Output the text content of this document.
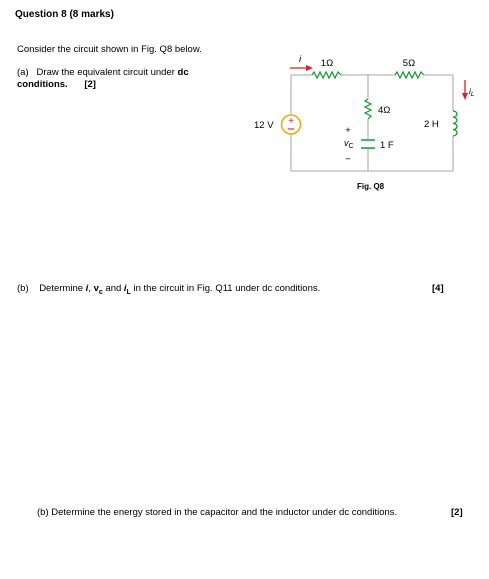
Question 8 (8 marks)
Consider the circuit shown in Fig. Q8 below.
(a) Draw the equivalent circuit under dc
conditions. [2]
+
i 1Ω	5Ω
4Ω
2 H
1 F
12 V	+
$v_C$
−
$i_L$
Fig. Q8
(b) Determine i, $v_c$ and $i_L$ in the circuit in Fig. Q11 under dc conditions.	[4]
(b) Determine the energy stored in the capacitor and the inductor under dc conditions.	[2]
